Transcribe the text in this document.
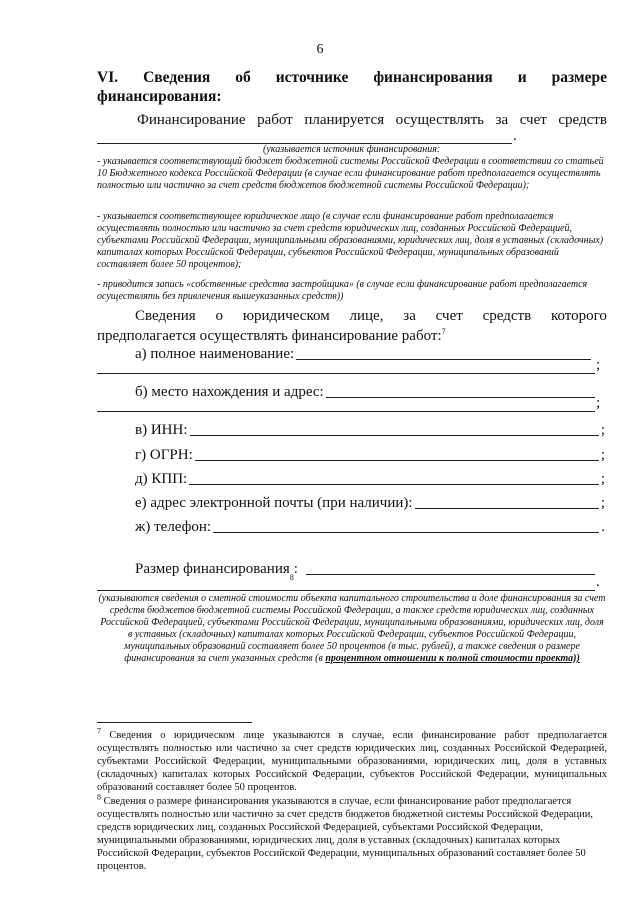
6
VI. Сведения об источнике финансирования и размере
финансирования:
Финансирование работ планируется осуществлять за счет средств
.
(указывается источник финансирования:
- указывается соответствующий бюджет бюджетной системы Российской Федерации в соответствии со статьей 10 Бюджетного кодекса Российской Федерации (в случае если финансирование работ предполагается осуществлять полностью или частично за счет средств бюджетов бюджетной системы Российской Федерации);
- указывается соответствующее юридическое лицо (в случае если финансирование работ предполагается осуществлять полностью или частично за счет средств юридических лиц, созданных Российской Федерацией, субъектами Российской Федерации, муниципальными образованиями, юридических лиц, доля в уставных (складочных) капиталах которых Российской Федерации, субъектов Российской Федерации, муниципальных образований составляет более 50 процентов);
- приводится запись «собственные средства застройщика» (в случае если финансирование работ предполагается осуществлять без привлечения вышеуказанных средств))
Сведения о юридическом лице, за счет средств которого
предполагается осуществлять финансирование работ:$^7$
а) полное наименование:
;
б) место нахождения и адрес:
;
в) ИНН:	;
г) ОГРН:	;
д) КПП:	;
е) адрес электронной почты (при наличии):	;
ж) телефон:	.
Размер финансирования
8
:
.
(указываются сведения о сметной стоимости объекта капитального строительства и доле финансирования за счет средств бюджетов бюджетной системы Российской Федерации, а также средств юридических лиц, созданных Российской Федерацией, субъектами Российской Федерации, муниципальными образованиями, юридических лиц, доля в уставных (складочных) капиталах которых Российской Федерации, субъектов Российской Федерации, муниципальных образований составляет более 50 процентов (в тыс. рублей), а также сведения о размере финансирования за счет указанных средств (в процентном отношении к полной стоимости проекта))
$^7$ Сведения о юридическом лице указываются в случае, если финансирование работ предполагается осуществлять полностью или частично за счет средств юридических лиц, созданных Российской Федерацией, субъектами Российской Федерации, муниципальными образованиями, юридических лиц, доля в уставных (складочных) капиталах которых Российской Федерации, субъектов Российской Федерации, муниципальных образований составляет более 50 процентов.
$^8$ Сведения о размере финансирования указываются в случае, если финансирование работ предполагается осуществлять полностью или частично за счет средств бюджетов бюджетной системы Российской Федерации, средств юридических лиц, созданных Российской Федерацией, субъектами Российской Федерации, муниципальными образованиями, юридических лиц, доля в уставных (складочных) капиталах которых Российской Федерации, субъектов Российской Федерации, муниципальных образований составляет более 50 процентов.
